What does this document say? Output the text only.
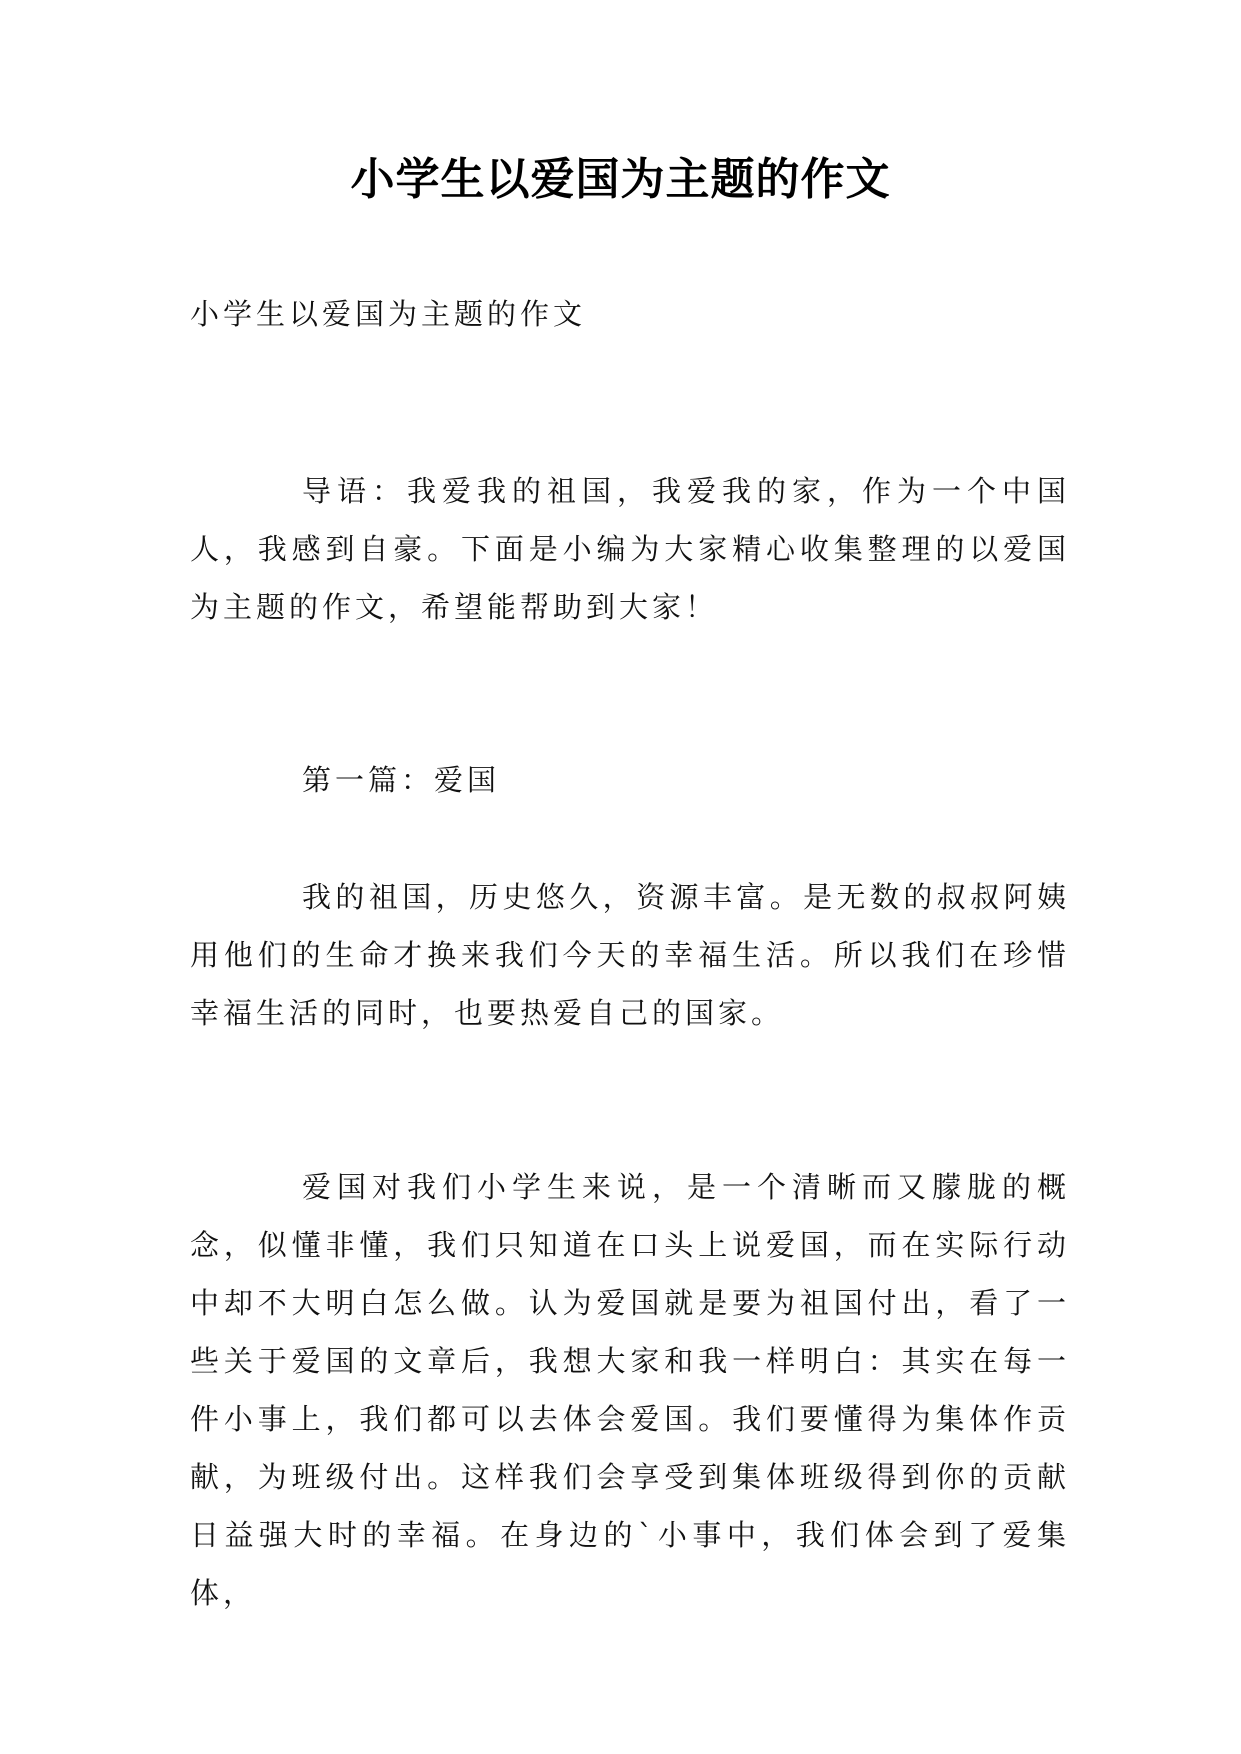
小学生以爱国为主题的作文
小学生以爱国为主题的作文
导语：我爱我的祖国，我爱我的家，作为一个中国人，我感到自豪。下面是小编为大家精心收集整理的以爱国为主题的作文，希望能帮助到大家！
第一篇：爱国
我的祖国，历史悠久，资源丰富。是无数的叔叔阿姨用他们的生命才换来我们今天的幸福生活。所以我们在珍惜幸福生活的同时，也要热爱自己的国家。
爱国对我们小学生来说，是一个清晰而又朦胧的概念，似懂非懂，我们只知道在口头上说爱国，而在实际行动中却不大明白怎么做。认为爱国就是要为祖国付出，看了一些关于爱国的文章后，我想大家和我一样明白：其实在每一件小事上，我们都可以去体会爱国。我们要懂得为集体作贡献，为班级付出。这样我们会享受到集体班级得到你的贡献日益强大时的幸福。在身边的`小事中，我们体会到了爱集体，
